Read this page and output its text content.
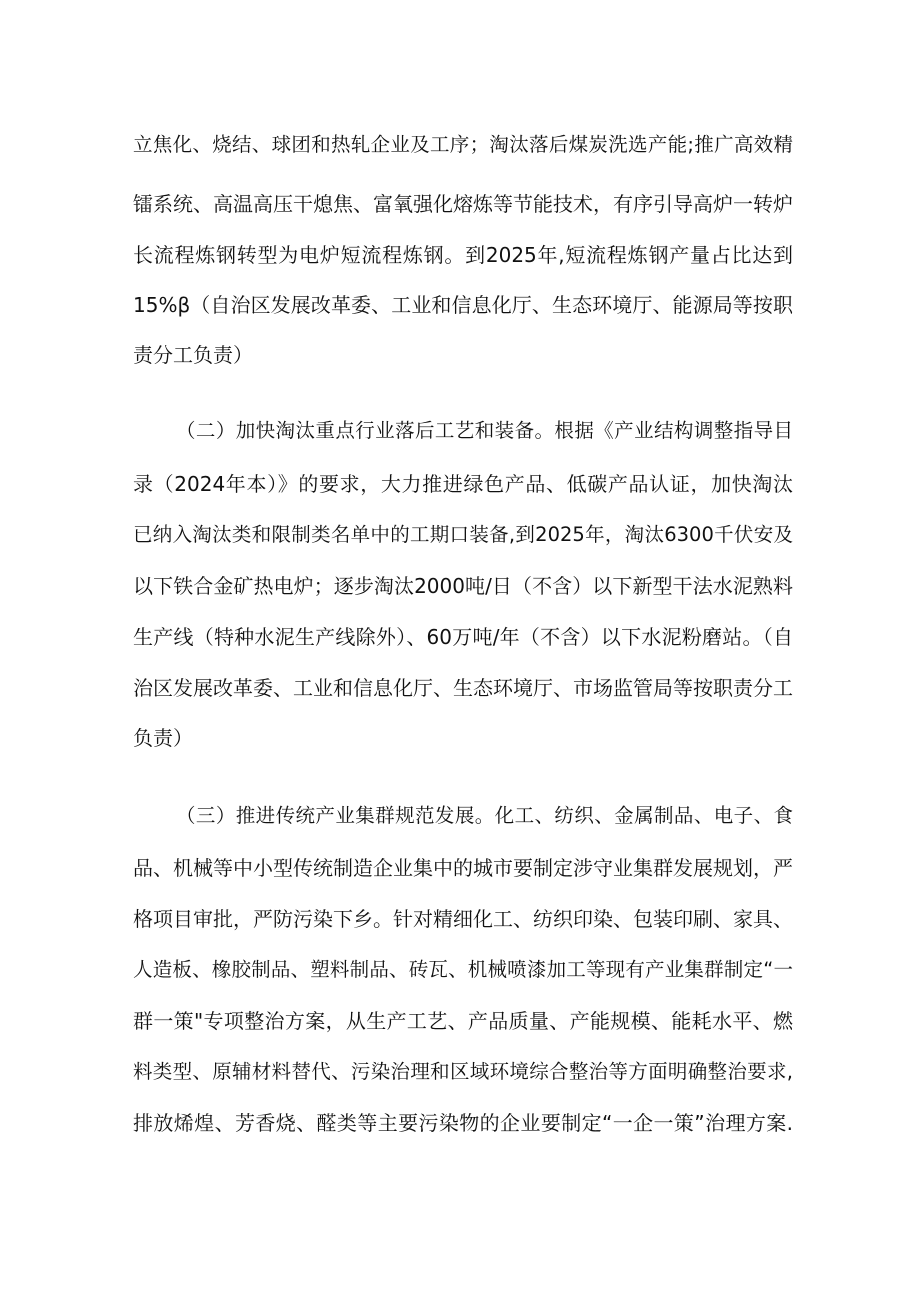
立焦化、烧结、球团和热轧企业及工序；淘汰落后煤炭洗选产能;推广高效精
镭系统、高温高压干熄焦、富氧强化熔炼等节能技术，有序引导高炉一转炉
长流程炼钢转型为电炉短流程炼钢。到2025年,短流程炼钢产量占比达到
15%β（自治区发展改革委、工业和信息化厅、生态环境厅、能源局等按职
责分工负责）
（二）加快淘汰重点行业落后工艺和装备。根据《产业结构调整指导目
录（2024年本）》的要求，大力推进绿色产品、低碳产品认证，加快淘汰
已纳入淘汰类和限制类名单中的工期口装备,到2025年，淘汰6300千伏安及
以下铁合金矿热电炉；逐步淘汰2000吨/日（不含）以下新型干法水泥熟料
生产线（特种水泥生产线除外）、60万吨/年（不含）以下水泥粉磨站。（自
治区发展改革委、工业和信息化厅、生态环境厅、市场监管局等按职责分工
负责）
（三）推进传统产业集群规范发展。化工、纺织、金属制品、电子、食
品、机械等中小型传统制造企业集中的城市要制定涉守业集群发展规划，严
格项目审批，严防污染下乡。针对精细化工、纺织印染、包装印刷、家具、
人造板、橡胶制品、塑料制品、砖瓦、机械喷漆加工等现有产业集群制定“一
群一策"专项整治方案，从生产工艺、产品质量、产能规模、能耗水平、燃
料类型、原辅材料替代、污染治理和区域环境综合整治等方面明确整治要求,
排放烯煌、芳香烧、醛类等主要污染物的企业要制定“一企一策”治理方案.
